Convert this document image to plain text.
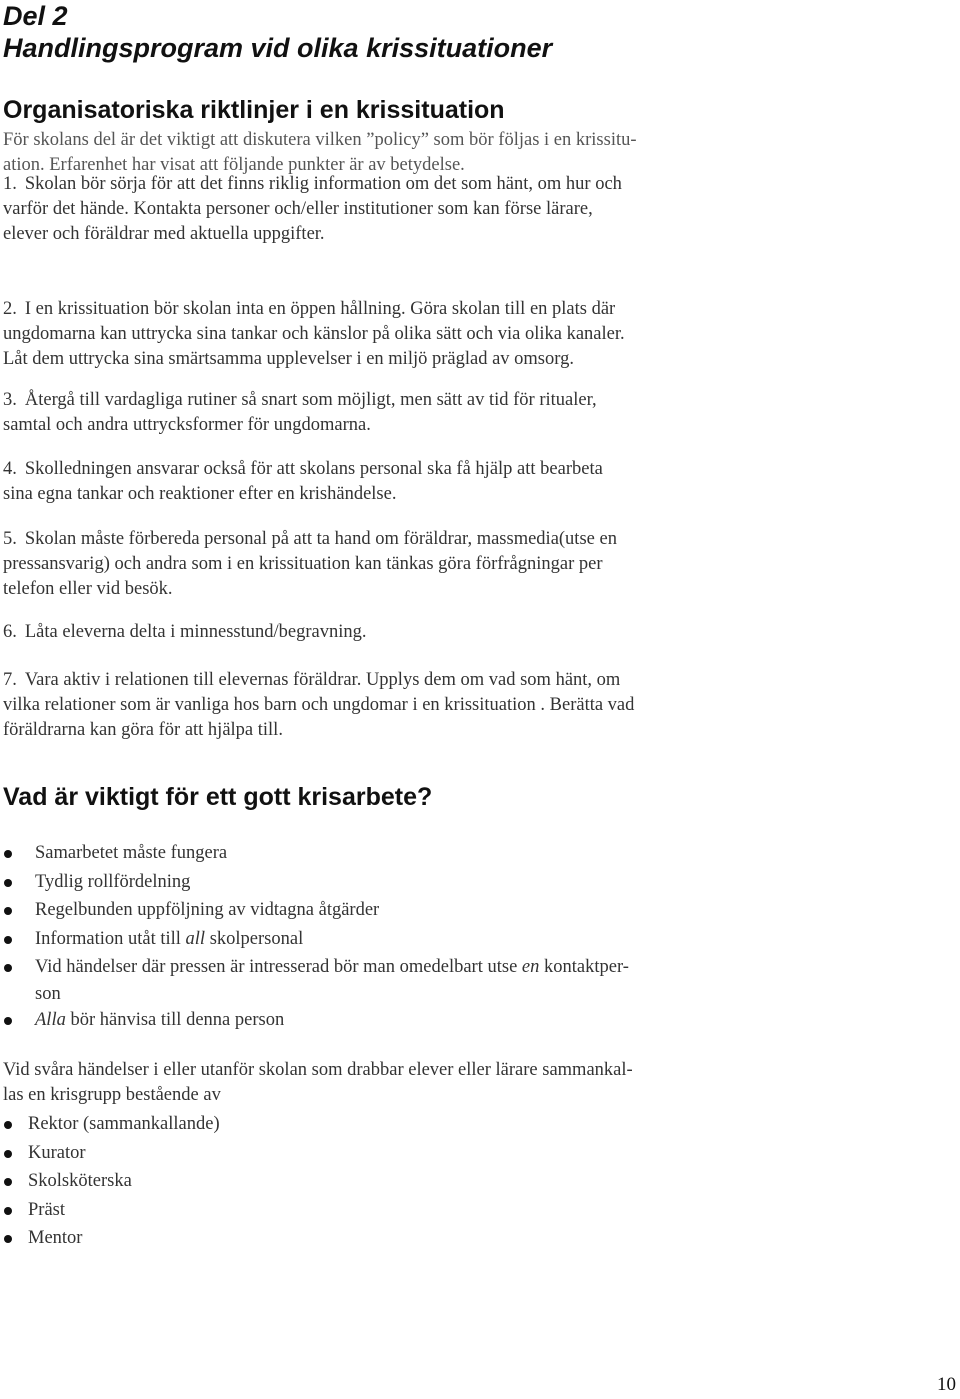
Del 2
Handlingsprogram vid olika krissituationer
Organisatoriska riktlinjer i en krissituation
För skolans del är det viktigt att diskutera vilken ”policy” som bör följas i en krissitu-
ation. Erfarenhet har visat att följande punkter är av betydelse.
1. Skolan bör sörja för att det finns riklig information om det som hänt, om hur och
varför det hände. Kontakta personer och/eller institutioner som kan förse lärare,
elever och föräldrar med aktuella uppgifter.
2. I en krissituation bör skolan inta en öppen hållning. Göra skolan till en plats där
ungdomarna kan uttrycka sina tankar och känslor på olika sätt och via olika kanaler.
Låt dem uttrycka sina smärtsamma upplevelser i en miljö präglad av omsorg.
3. Återgå till vardagliga rutiner så snart som möjligt, men sätt av tid för ritualer,
samtal och andra uttrycksformer för ungdomarna.
4. Skolledningen ansvarar också för att skolans personal ska få hjälp att bearbeta
sina egna tankar och reaktioner efter en krishändelse.
5. Skolan måste förbereda personal på att ta hand om föräldrar, massmedia(utse en
pressansvarig) och andra som i en krissituation kan tänkas göra förfrågningar per
telefon eller vid besök.
6. Låta eleverna delta i minnesstund/begravning.
7. Vara aktiv i relationen till elevernas föräldrar. Upplys dem om vad som hänt, om
vilka relationer som är vanliga hos barn och ungdomar i en krissituation . Berätta vad
föräldrarna kan göra för att hjälpa till.
Vad är viktigt för ett gott krisarbete?
Samarbetet måste fungera
Tydlig rollfördelning
Regelbunden uppföljning av vidtagna åtgärder
Information utåt till all skolpersonal
Vid händelser där pressen är intresserad bör man omedelbart utse en kontaktper-
son
Alla bör hänvisa till denna person
Vid svåra händelser i eller utanför skolan som drabbar elever eller lärare sammankal-
las en krisgrupp bestående av
Rektor (sammankallande)
Kurator
Skolsköterska
Präst
Mentor
10
